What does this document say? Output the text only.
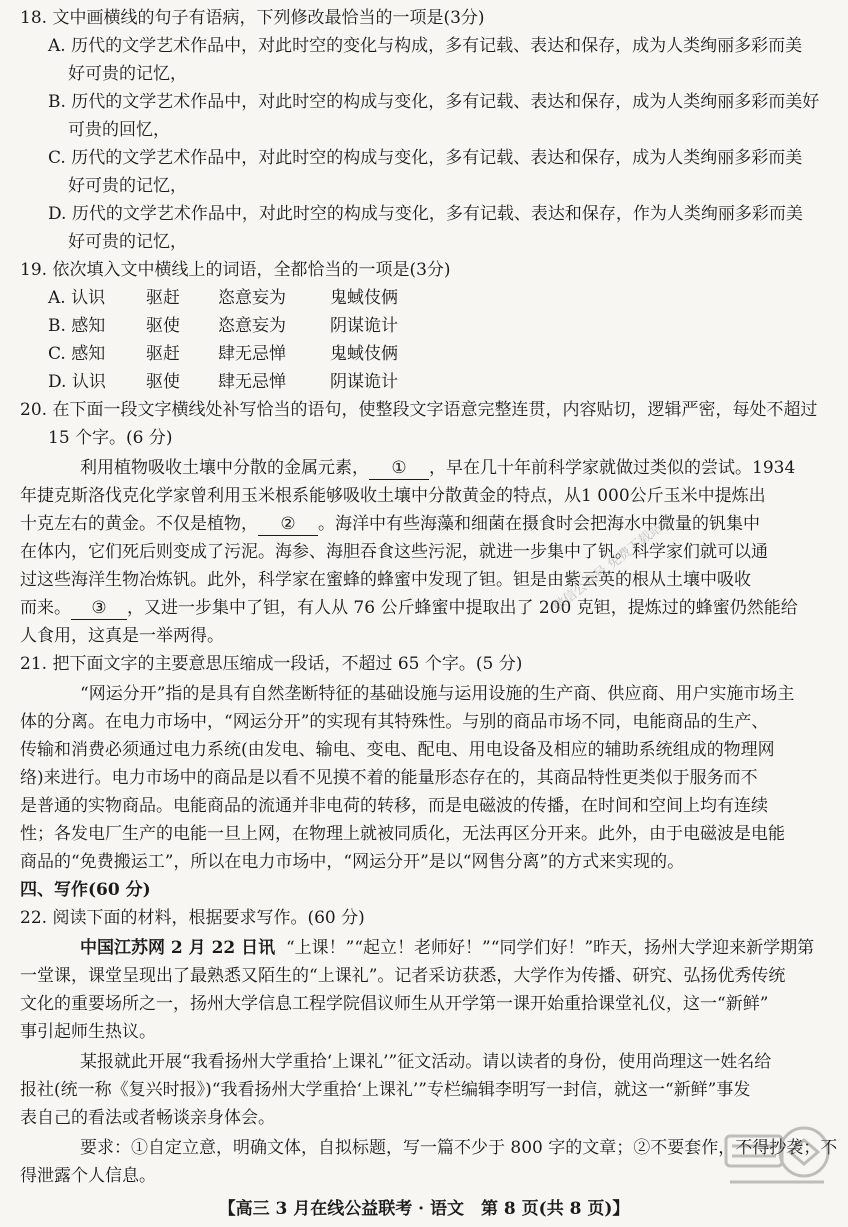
18. 文中画横线的句子有语病，下列修改最恰当的一项是(3分)
A. 历代的文学艺术作品中，对此时空的变化与构成，多有记载、表达和保存，成为人类绚丽多彩而美
好可贵的记忆，
B. 历代的文学艺术作品中，对此时空的构成与变化，多有记载、表达和保存，成为人类绚丽多彩而美好
可贵的回忆，
C. 历代的文学艺术作品中，对此时空的构成与变化，多有记载、表达和保存，成为人类绚丽多彩而美
好可贵的记忆，
D. 历代的文学艺术作品中，对此时空的构成与变化，多有记载、表达和保存，作为人类绚丽多彩而美
好可贵的记忆，
19. 依次填入文中横线上的词语，全都恰当的一项是(3分)
A. 认识 驱赶 恣意妄为	鬼蜮伎俩
B. 感知 驱使 恣意妄为	阴谋诡计
C. 感知 驱赶 肆无忌惮	鬼蜮伎俩
D. 认识 驱使 肆无忌惮	阴谋诡计
20. 在下面一段文字横线处补写恰当的语句，使整段文字语意完整连贯，内容贴切，逻辑严密，每处不超过
15 个字。(6 分)
利用植物吸收土壤中分散的金属元素， ① ，早在几十年前科学家就做过类似的尝试。1934
年捷克斯洛伐克化学家曾利用玉米根系能够吸收土壤中分散黄金的特点，从1 000公斤玉米中提炼出
十克左右的黄金。不仅是植物， ② 。海洋中有些海藻和细菌在摄食时会把海水中微量的钒集中
在体内，它们死后则变成了污泥。海参、海胆吞食这些污泥，就进一步集中了钒。科学家们就可以通
过这些海洋生物冶炼钒。此外，科学家在蜜蜂的蜂蜜中发现了钽。钽是由紫云英的根从土壤中吸收
而来。 ③ ，又进一步集中了钽，有人从 76 公斤蜂蜜中提取出了 200 克钽，提炼过的蜂蜜仍然能给
人食用，这真是一举两得。
21. 把下面文字的主要意思压缩成一段话，不超过 65 个字。(5 分)
“网运分开”指的是具有自然垄断特征的基础设施与运用设施的生产商、供应商、用户实施市场主
体的分离。在电力市场中，“网运分开”的实现有其特殊性。与别的商品市场不同，电能商品的生产、
传输和消费必须通过电力系统(由发电、输电、变电、配电、用电设备及相应的辅助系统组成的物理网
络)来进行。电力市场中的商品是以看不见摸不着的能量形态存在的，其商品特性更类似于服务而不
是普通的实物商品。电能商品的流通并非电荷的转移，而是电磁波的传播，在时间和空间上均有连续
性；各发电厂生产的电能一旦上网，在物理上就被同质化，无法再区分开来。此外，由于电磁波是电能
商品的“免费搬运工”，所以在电力市场中，“网运分开”是以“网售分离”的方式来实现的。
四、写作(60 分)
22. 阅读下面的材料，根据要求写作。(60 分)
中国江苏网 2 月 22 日讯 “上课！”“起立！老师好！”“同学们好！”昨天，扬州大学迎来新学期第
一堂课，课堂呈现出了最熟悉又陌生的“上课礼”。记者采访获悉，大学作为传播、研究、弘扬优秀传统
文化的重要场所之一，扬州大学信息工程学院倡议师生从开学第一课开始重拾课堂礼仪，这一“新鲜”
事引起师生热议。
某报就此开展“我看扬州大学重拾‘上课礼’”征文活动。请以读者的身份，使用尚理这一姓名给
报社(统一称《复兴时报》)“我看扬州大学重拾‘上课礼’”专栏编辑李明写一封信，就这一“新鲜”事发
表自己的看法或者畅谈亲身体会。
要求：①自定立意，明确文体，自拟标题，写一篇不少于 800 字的文章；②不要套作，不得抄袭；不
得泄露个人信息。
【高三 3 月在线公益联考 · 语文　第 8 页(共 8 页)】
微信公众号 免费下载站
